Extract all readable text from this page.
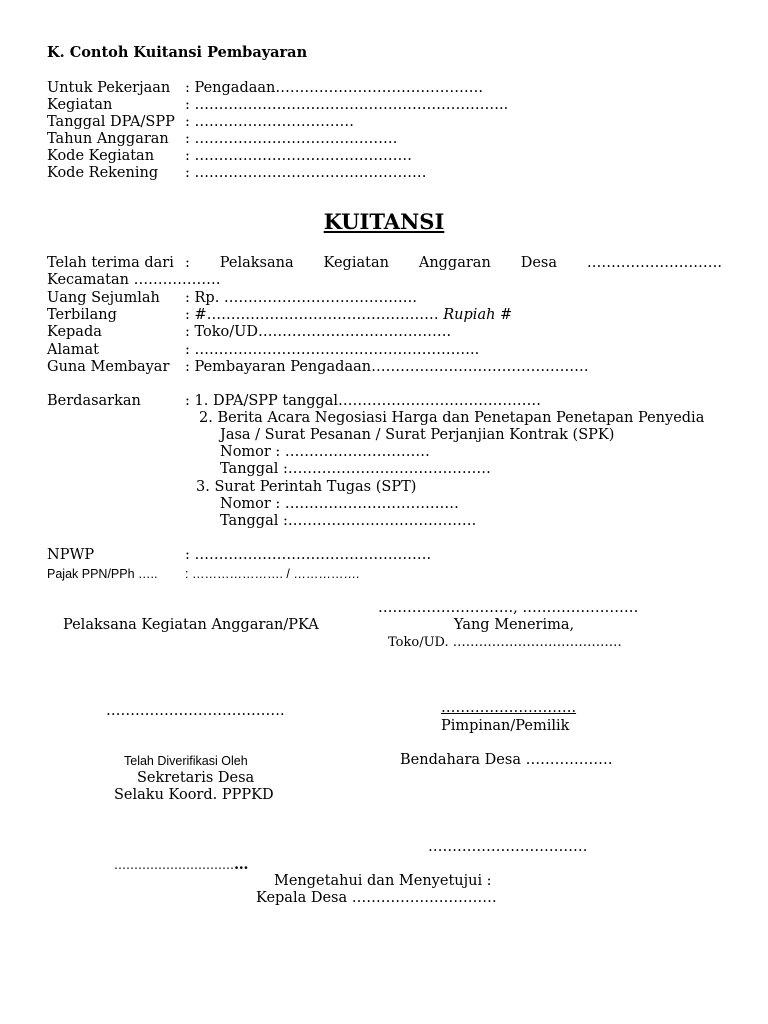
K. Contoh Kuitansi Pembayaran
Untuk Pekerjaan : Pengadaan…………………………………….
Kegiatan	: ………………………………………………………..
Tanggal DPA/SPP : ……………………………
Tahun Anggaran : ……………………………………
Kode Kegiatan : ………………………………………
Kode Rekening : …………………………………………
KUITANSI
Telah terima dari : Pelaksana Kegiatan Anggaran Desa ……………………….
Kecamatan ………………
Uang Sejumlah : Rp. ………………………………….
Terbilang	: #………………………………………… Rupiah #
Kepada	: Toko/UD………………………………….
Alamat	: …………………………………………………..
Guna Membayar : Pembayaran Pengadaan………………………………………
Berdasarkan	: 1. DPA/SPP tanggal……………………………………
2. Berita Acara Negosiasi Harga dan Penetapan Penetapan Penyedia
Jasa / Surat Pesanan / Surat Perjanjian Kontrak (SPK)
Nomor : …………………………
Tanggal :……………………………………
3. Surat Perintah Tugas (SPT)
Nomor : ………………………………
Tanggal :…………………………………
NPWP	: ………………………………………….
Pajak PPN/PPh ….. : …………………. / …………….
………………………., ……………………
Pelaksana Kegiatan Anggaran/PKA	Yang Menerima,
Toko/UD. …………………………………
……………………………….	……………………….
Pimpinan/Pemilik
Telah Diverifikasi Oleh	Bendahara Desa ………………
Sekretaris Desa
Selaku Koord. PPPKD
……………………………
……………………………
Mengetahui dan Menyetujui :
Kepala Desa …………………………
